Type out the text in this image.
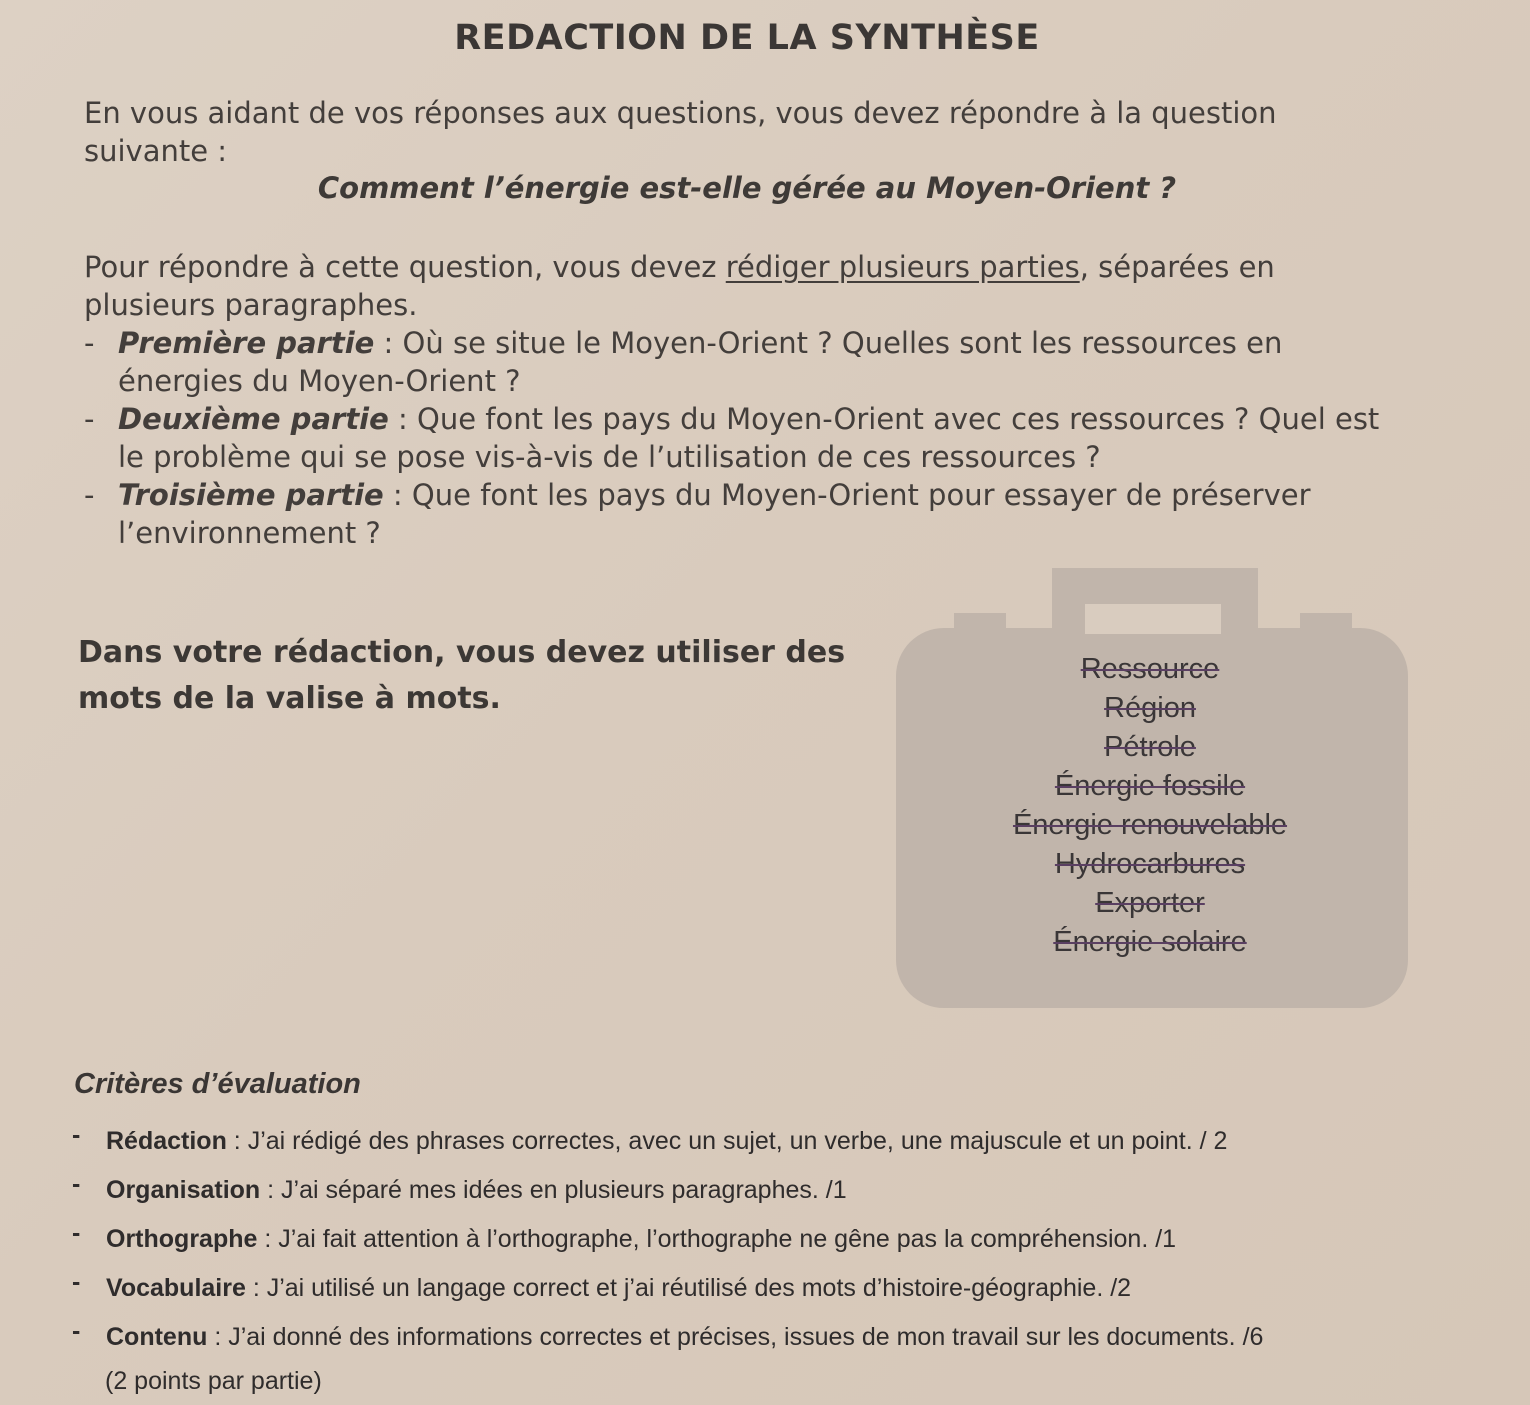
REDACTION DE LA SYNTHÈSE
En vous aidant de vos réponses aux questions, vous devez répondre à la question suivante :
Comment l’énergie est-elle gérée au Moyen-Orient ?
Pour répondre à cette question, vous devez rédiger plusieurs parties, séparées en plusieurs paragraphes.
- Première partie : Où se situe le Moyen-Orient ? Quelles sont les ressources en énergies du Moyen-Orient ?
- Deuxième partie : Que font les pays du Moyen-Orient avec ces ressources ? Quel est le problème qui se pose vis-à-vis de l’utilisation de ces ressources ?
- Troisième partie : Que font les pays du Moyen-Orient pour essayer de préserver l’environnement ?
Dans votre rédaction, vous devez utiliser des mots de la valise à mots.
Ressource
Région
Pétrole
Énergie fossile
Énergie renouvelable
Hydrocarbures
Exporter
Énergie solaire
Critères d’évaluation
- Rédaction : J’ai rédigé des phrases correctes, avec un sujet, un verbe, une majuscule et un point. / 2
- Organisation : J’ai séparé mes idées en plusieurs paragraphes. /1
- Orthographe : J’ai fait attention à l’orthographe, l’orthographe ne gêne pas la compréhension. /1
- Vocabulaire : J’ai utilisé un langage correct et j’ai réutilisé des mots d’histoire-géographie. /2
- Contenu : J’ai donné des informations correctes et précises, issues de mon travail sur les documents. /6
(2 points par partie)
